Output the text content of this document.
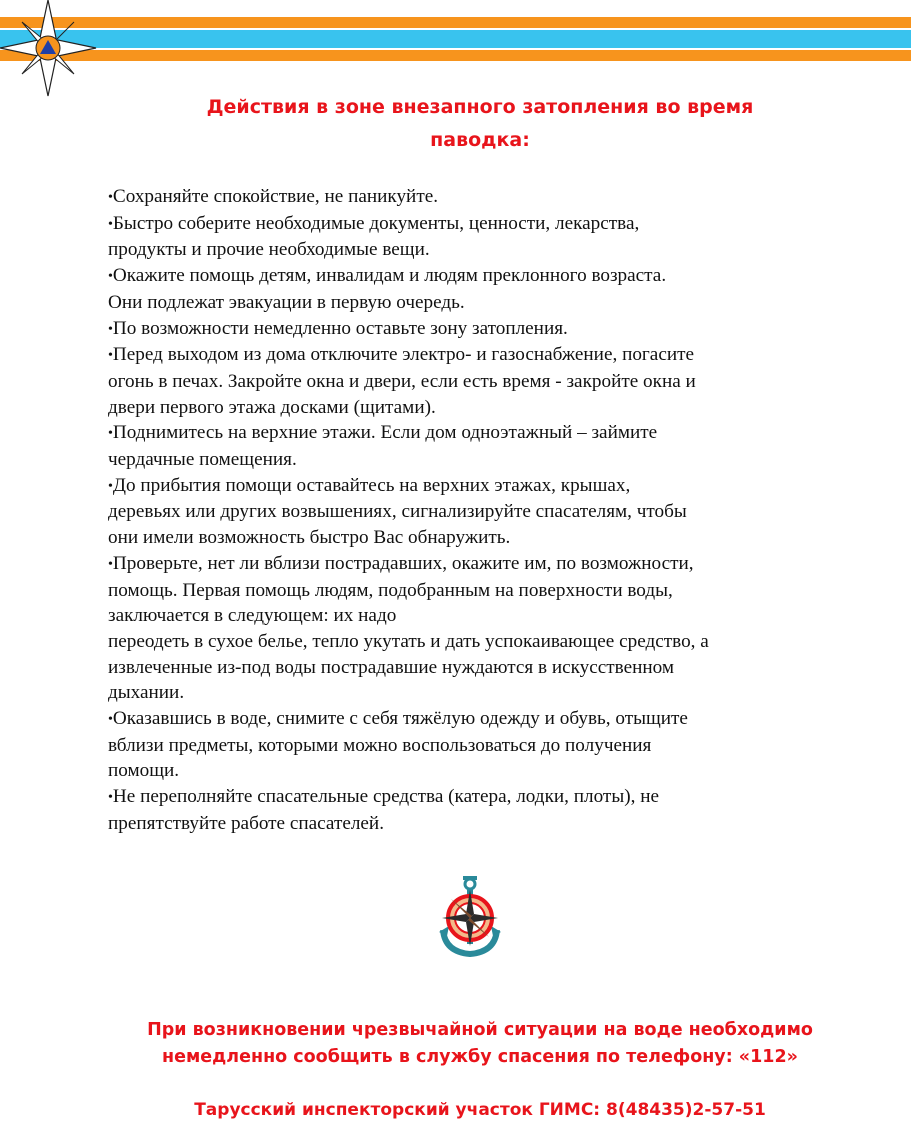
Действия в зоне внезапного затопления во время
паводка:

•Сохраняйте спокойствие, не паникуйте.

•Быстро соберите необходимые документы, ценности, лекарства,

продукты и прочие необходимые вещи.

•Окажите помощь детям, инвалидам и людям преклонного возраста.

Они подлежат эвакуации в первую очередь.

•По возможности немедленно оставьте зону затопления.

•Перед выходом из дома отключите электро- и газоснабжение, погасите

огонь в печах. Закройте окна и двери, если есть время - закройте окна и

двери первого этажа досками (щитами).

•Поднимитесь на верхние этажи. Если дом одноэтажный – займите

чердачные помещения.

•До прибытия помощи оставайтесь на верхних этажах, крышах,

деревьях или других возвышениях, сигнализируйте спасателям, чтобы

они имели возможность быстро Вас обнаружить.

•Проверьте, нет ли вблизи пострадавших, окажите им, по возможности,

помощь. Первая помощь людям, подобранным на поверхности воды,

заключается в следующем: их надо

переодеть в сухое белье, тепло укутать и дать успокаивающее средство, а

извлеченные из-под воды пострадавшие нуждаются в искусственном

дыхании.

•Оказавшись в воде, снимите с себя тяжёлую одежду и обувь, отыщите

вблизи предметы, которыми можно воспользоваться до получения

помощи.

•Не переполняйте спасательные средства (катера, лодки, плоты), не

препятствуйте работе спасателей.

При возникновении чрезвычайной ситуации на воде необходимо
немедленно сообщить в службу спасения по телефону: «112»
Тарусский инспекторский участок ГИМС: 8(48435)2-57-51
